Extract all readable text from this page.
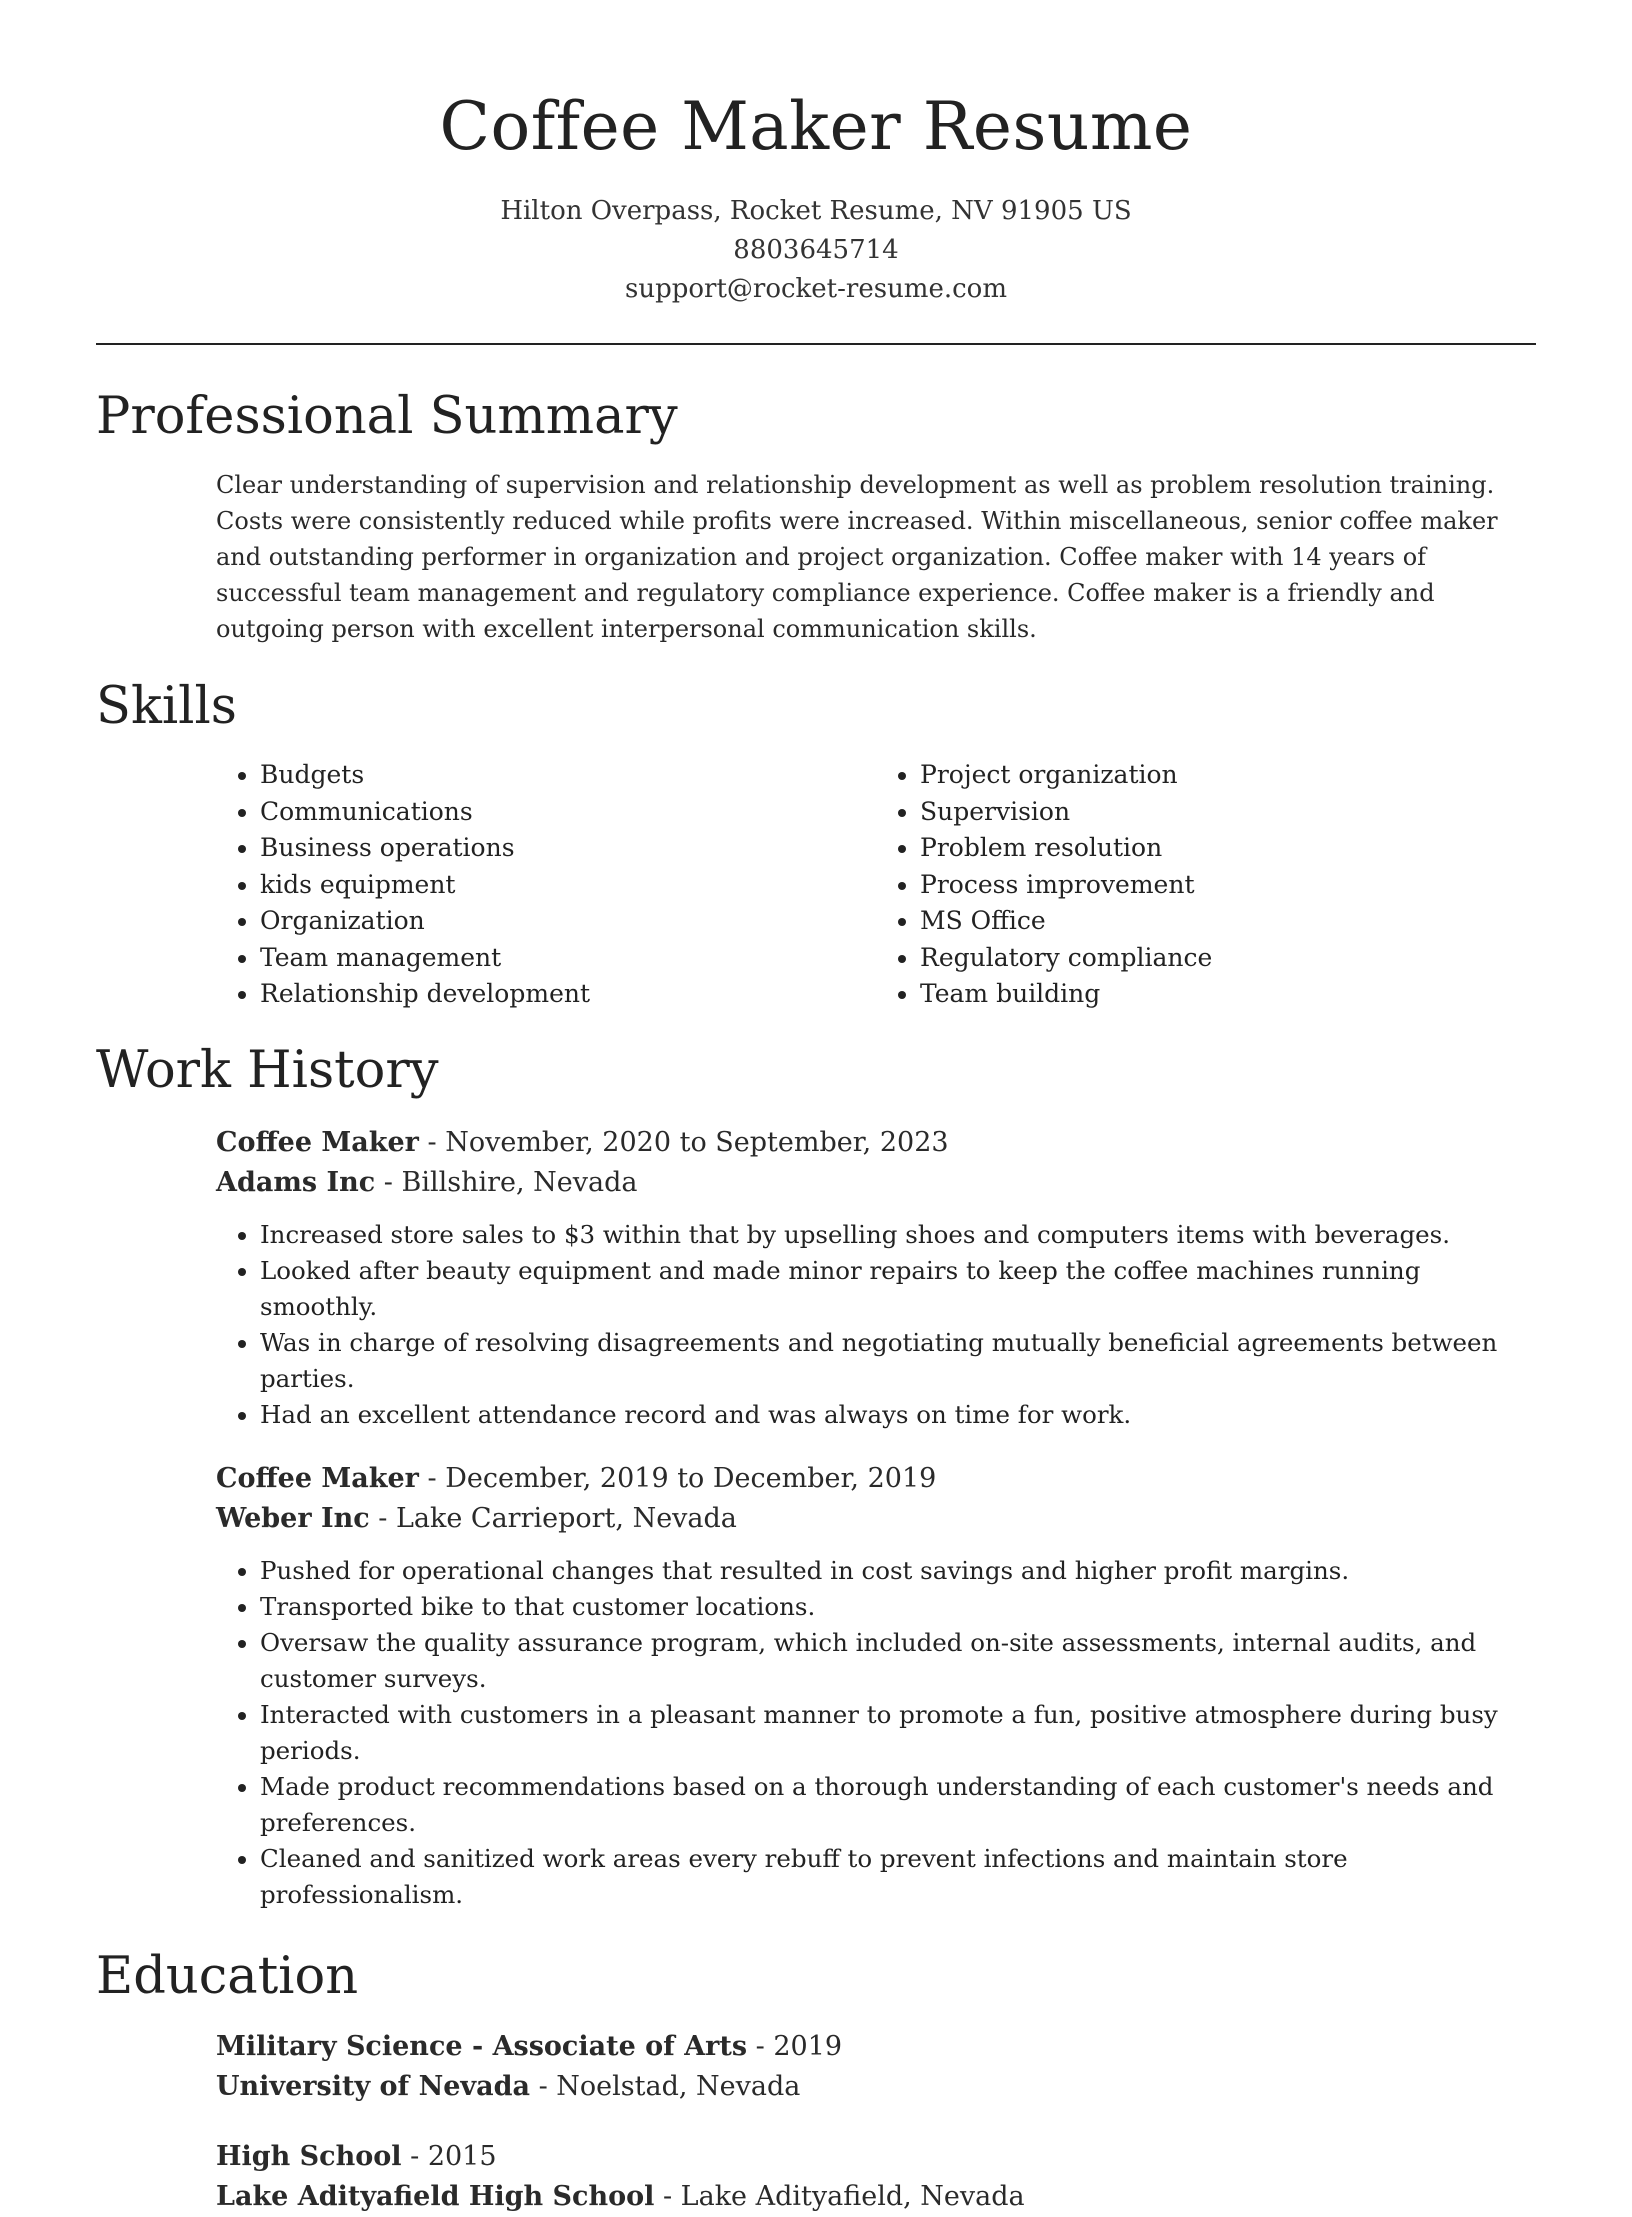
Coffee Maker Resume
Hilton Overpass, Rocket Resume, NV 91905 US
8803645714
support@rocket-resume.com
Professional Summary

Clear understanding of supervision and relationship development as well as problem resolution training. Costs were consistently reduced while profits were increased. Within miscellaneous, senior coffee maker and outstanding performer in organization and project organization. Coffee maker with 14 years of successful team management and regulatory compliance experience. Coffee maker is a friendly and outgoing person with excellent interpersonal communication skills.

Skills
• Budgets
• Communications
• Business operations
• kids equipment
• Organization
• Team management
• Relationship development
• Project organization
• Supervision
• Problem resolution
• Process improvement
• MS Office
• Regulatory compliance
• Team building
Work History
Coffee Maker - November, 2020 to September, 2023
Adams Inc - Billshire, Nevada
• Increased store sales to $3 within that by upselling shoes and computers items with beverages.
• Looked after beauty equipment and made minor repairs to keep the coffee machines running smoothly.
• Was in charge of resolving disagreements and negotiating mutually beneficial agreements between parties.
• Had an excellent attendance record and was always on time for work.
Coffee Maker - December, 2019 to December, 2019
Weber Inc - Lake Carrieport, Nevada
• Pushed for operational changes that resulted in cost savings and higher profit margins.
• Transported bike to that customer locations.
• Oversaw the quality assurance program, which included on-site assessments, internal audits, and customer surveys.
• Interacted with customers in a pleasant manner to promote a fun, positive atmosphere during busy periods.
• Made product recommendations based on a thorough understanding of each customer's needs and preferences.
• Cleaned and sanitized work areas every rebuff to prevent infections and maintain store professionalism.
Education
Military Science - Associate of Arts - 2019
University of Nevada - Noelstad, Nevada
High School - 2015
Lake Adityafield High School - Lake Adityafield, Nevada
